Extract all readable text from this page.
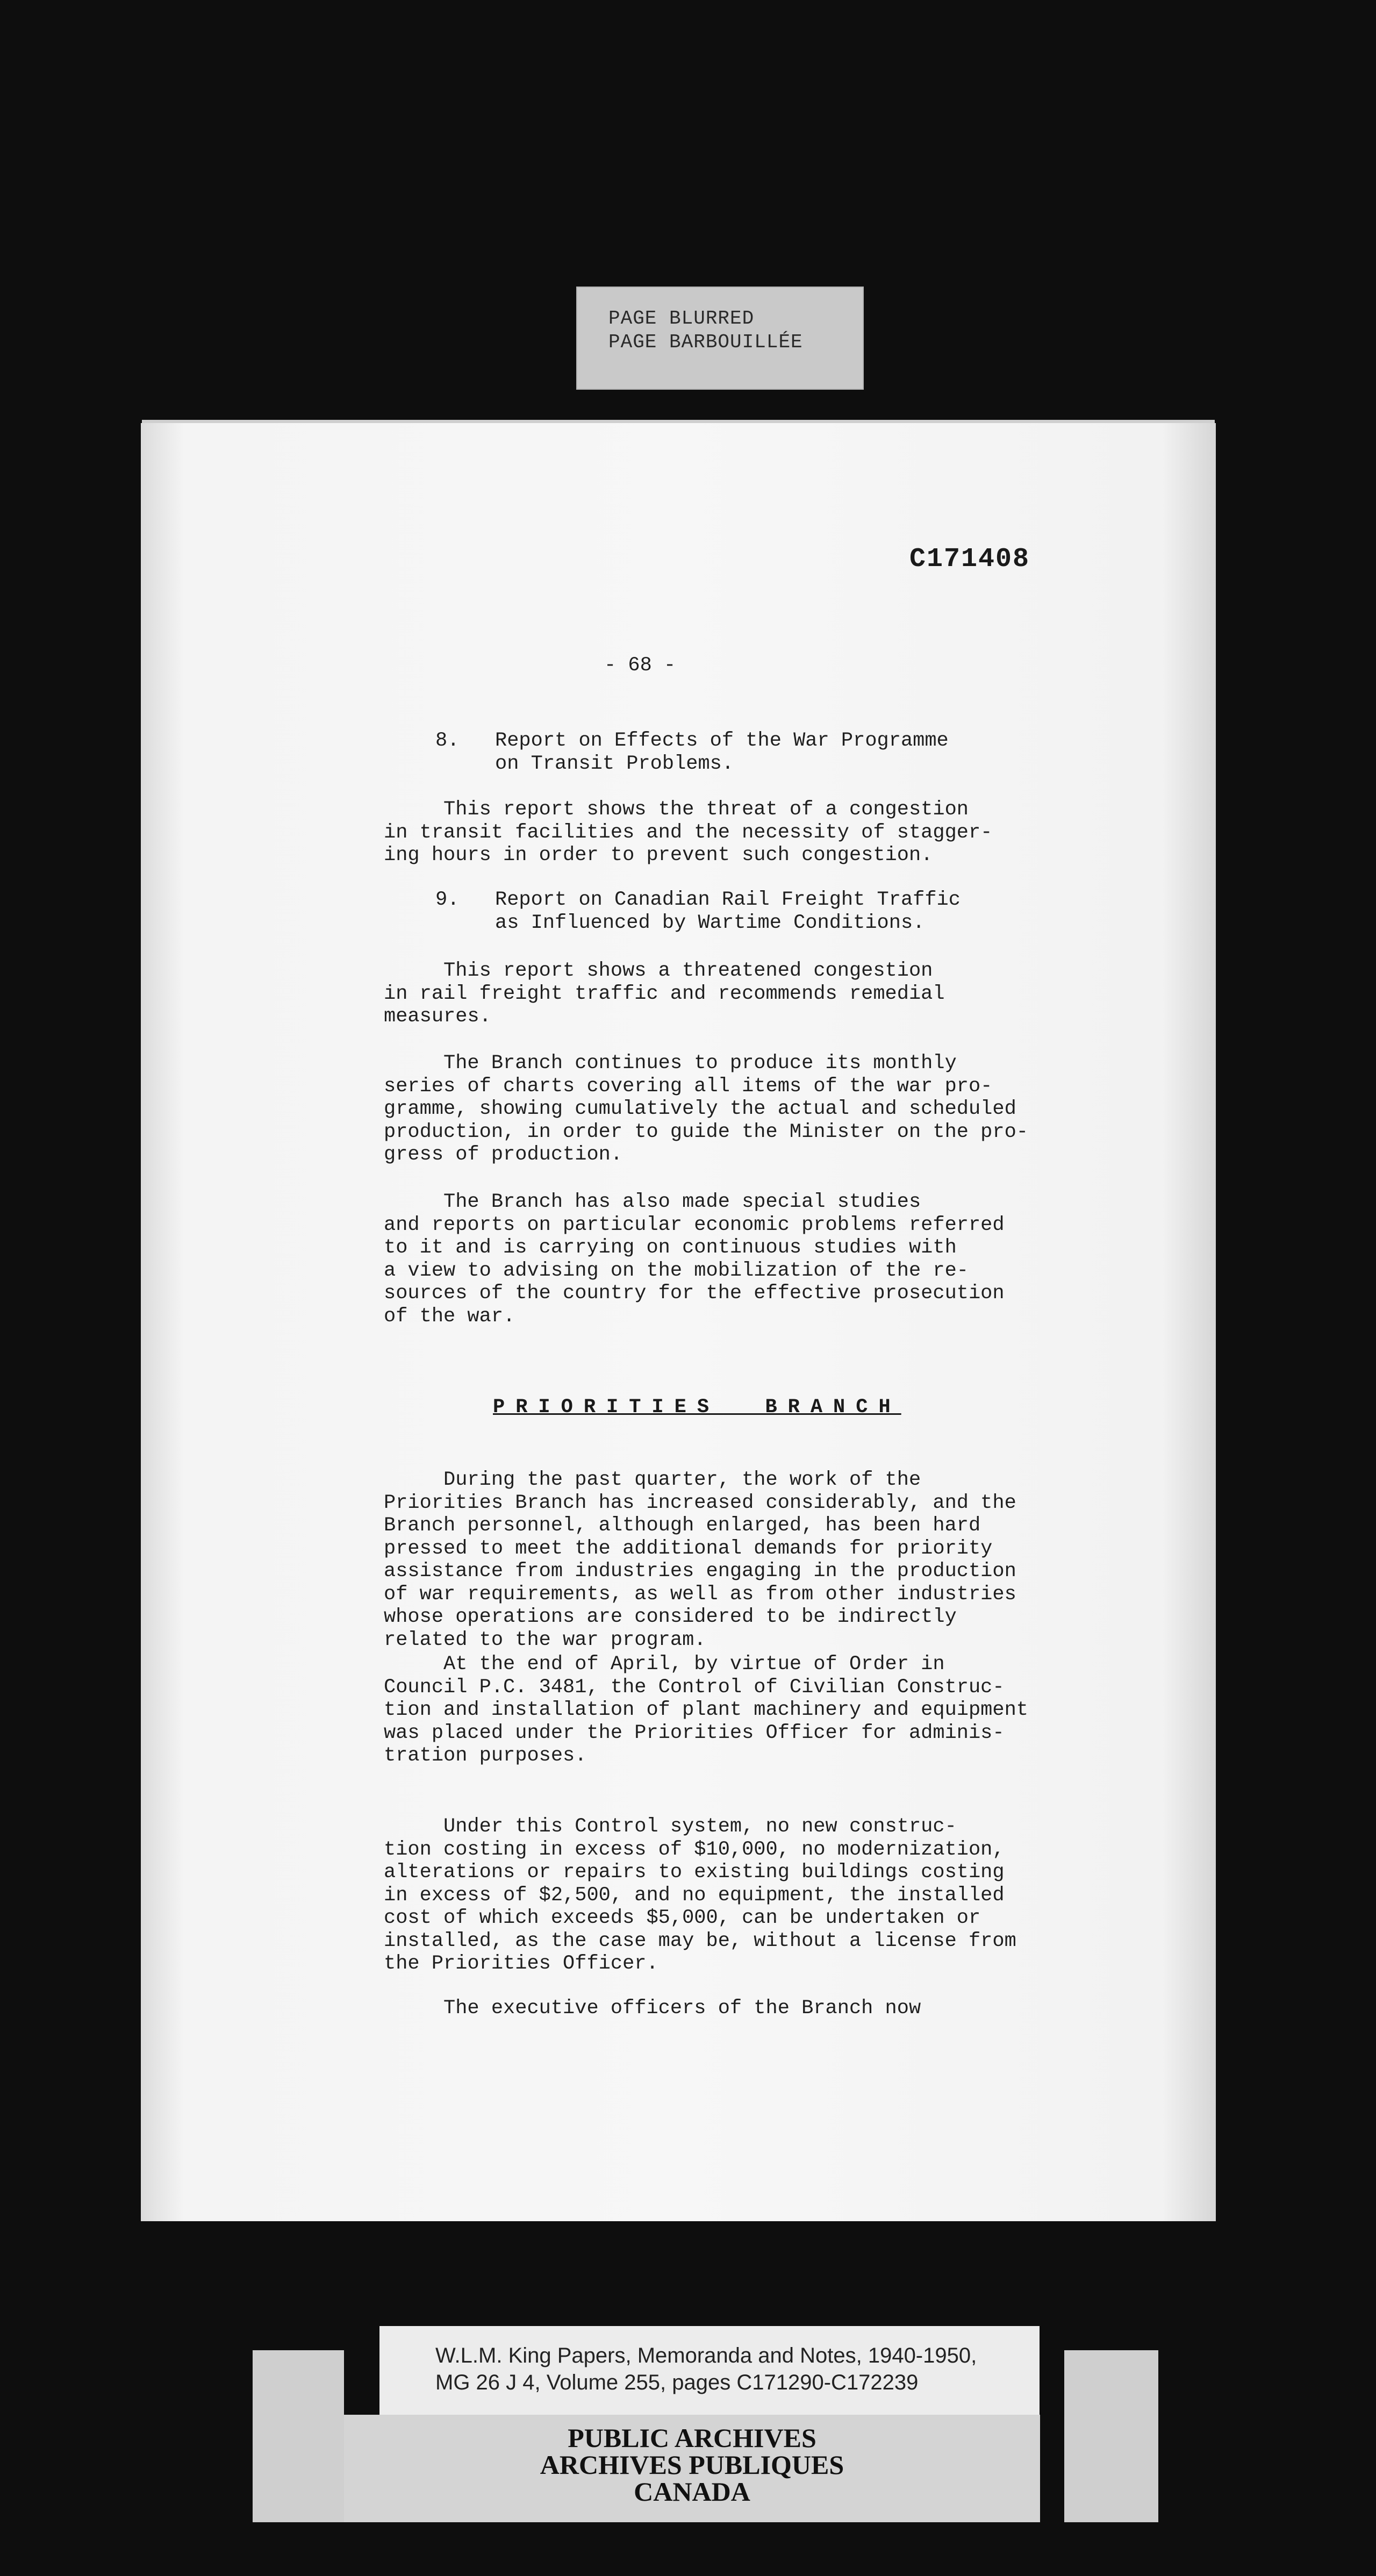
PAGE BLURRED
PAGE BARBOUILLÉE

C171408

- 68 -

8.   Report on Effects of the War Programme
on Transit Problems.

This report shows the threat of a congestion
in transit facilities and the necessity of stagger-
ing hours in order to prevent such congestion.

9.   Report on Canadian Rail Freight Traffic
as Influenced by Wartime Conditions.

This report shows a threatened congestion
in rail freight traffic and recommends remedial
measures.

The Branch continues to produce its monthly
series of charts covering all items of the war pro-
gramme, showing cumulatively the actual and scheduled
production, in order to guide the Minister on the pro-
gress of production.

The Branch has also made special studies
and reports on particular economic problems referred
to it and is carrying on continuous studies with
a view to advising on the mobilization of the re-
sources of the country for the effective prosecution
of the war.

PRIORITIES  BRANCH

During the past quarter, the work of the
Priorities Branch has increased considerably, and the
Branch personnel, although enlarged, has been hard
pressed to meet the additional demands for priority
assistance from industries engaging in the production
of war requirements, as well as from other industries
whose operations are considered to be indirectly
related to the war program.

At the end of April, by virtue of Order in
Council P.C. 3481, the Control of Civilian Construc-
tion and installation of plant machinery and equipment
was placed under the Priorities Officer for adminis-
tration purposes.

Under this Control system, no new construc-
tion costing in excess of $10,000, no modernization,
alterations or repairs to existing buildings costing
in excess of $2,500, and no equipment, the installed
cost of which exceeds $5,000, can be undertaken or
installed, as the case may be, without a license from
the Priorities Officer.

The executive officers of the Branch now

W.L.M. King Papers, Memoranda and Notes, 1940-1950,
MG 26 J 4, Volume 255, pages C171290-C172239
PUBLIC ARCHIVES
ARCHIVES PUBLIQUES
CANADA
